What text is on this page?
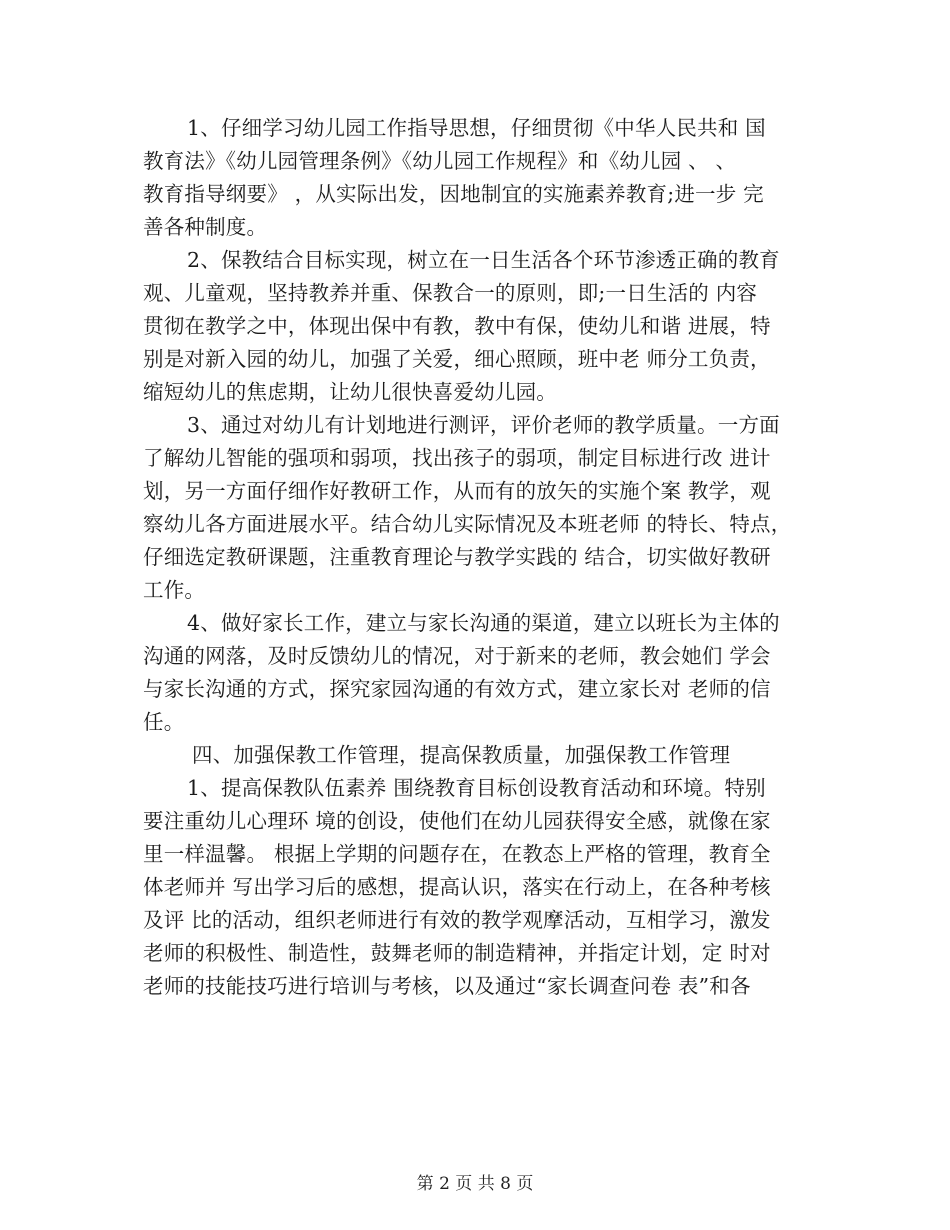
1、仔细学习幼儿园工作指导思想，仔细贯彻《中华人民共和 国
教育法》《幼儿园管理条例》《幼儿园工作规程》和《幼儿园 、 、
教育指导纲要》 ，从实际出发，因地制宜的实施素养教育;进一步 完
善各种制度。
2、保教结合目标实现，树立在一日生活各个环节渗透正确的教育
观、儿童观，坚持教养并重、保教合一的原则，即;一日生活的 内容
贯彻在教学之中，体现出保中有教，教中有保，使幼儿和谐 进展，特
别是对新入园的幼儿，加强了关爱，细心照顾，班中老 师分工负责，
缩短幼儿的焦虑期，让幼儿很快喜爱幼儿园。
3、通过对幼儿有计划地进行测评，评价老师的教学质量。一方面
了解幼儿智能的强项和弱项，找出孩子的弱项，制定目标进行改 进计
划，另一方面仔细作好教研工作，从而有的放矢的实施个案 教学，观
察幼儿各方面进展水平。结合幼儿实际情况及本班老师 的特长、特点，
仔细选定教研课题，注重教育理论与教学实践的 结合，切实做好教研
工作。
4、做好家长工作，建立与家长沟通的渠道，建立以班长为主体的
沟通的网落，及时反馈幼儿的情况，对于新来的老师，教会她们 学会
与家长沟通的方式，探究家园沟通的有效方式，建立家长对 老师的信
任。
四、加强保教工作管理，提高保教质量，加强保教工作管理
1、提高保教队伍素养 围绕教育目标创设教育活动和环境。特别
要注重幼儿心理环 境的创设，使他们在幼儿园获得安全感，就像在家
里一样温馨。 根据上学期的问题存在，在教态上严格的管理，教育全
体老师并 写出学习后的感想，提高认识，落实在行动上，在各种考核
及评 比的活动，组织老师进行有效的教学观摩活动，互相学习，激发
老师的积极性、制造性，鼓舞老师的制造精神，并指定计划，定 时对
老师的技能技巧进行培训与考核，以及通过“家长调查问卷 表”和各
第 2 页 共 8 页
